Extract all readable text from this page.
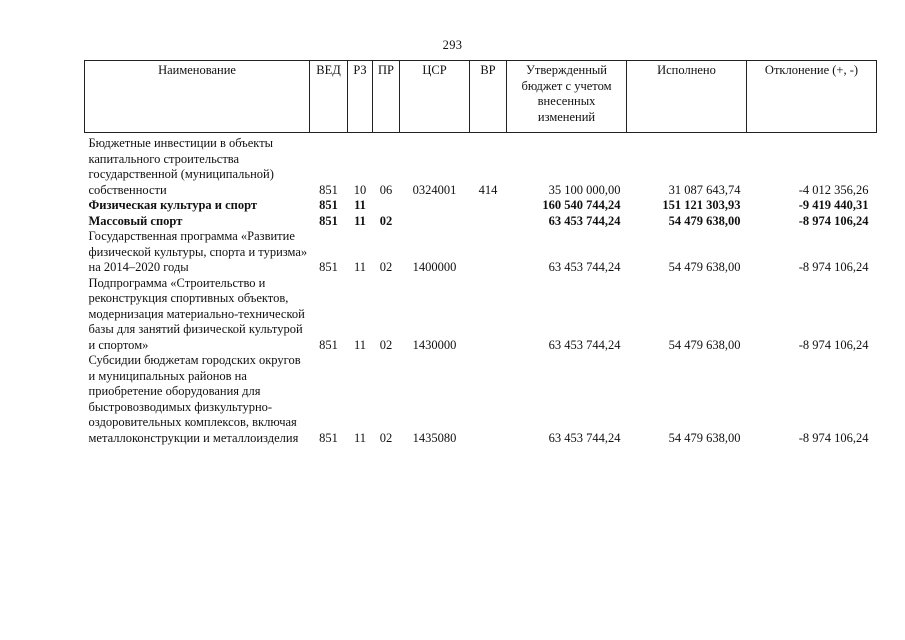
293
Наименование	ВЕД	РЗ	ПР	ЦСР	ВР	Утвержденный бюджет с учетом внесенных изменений	Исполнено	Отклонение (+, -)
Бюджетные инвестиции в объекты капитального строительства государственной (муниципальной) собственности	851	10	06	0324001	414	35 100 000,00	31 087 643,74	-4 012 356,26
Физическая культура и спорт	851	11				160 540 744,24	151 121 303,93	-9 419 440,31
Массовый спорт	851	11	02			63 453 744,24	54 479 638,00	-8 974 106,24
Государственная программа «Развитие физической культуры, спорта и туризма» на 2014–2020 годы	851	11	02	1400000		63 453 744,24	54 479 638,00	-8 974 106,24
Подпрограмма «Строительство и реконструкция спортивных объектов, модернизация материально-технической базы для занятий физической культурой и спортом»	851	11	02	1430000		63 453 744,24	54 479 638,00	-8 974 106,24
Субсидии бюджетам городских округов и муниципальных районов на приобретение оборудования для быстровозводимых физкультурно-оздоровительных комплексов, включая металлоконструкции и металлоизделия	851	11	02	1435080		63 453 744,24	54 479 638,00	-8 974 106,24
